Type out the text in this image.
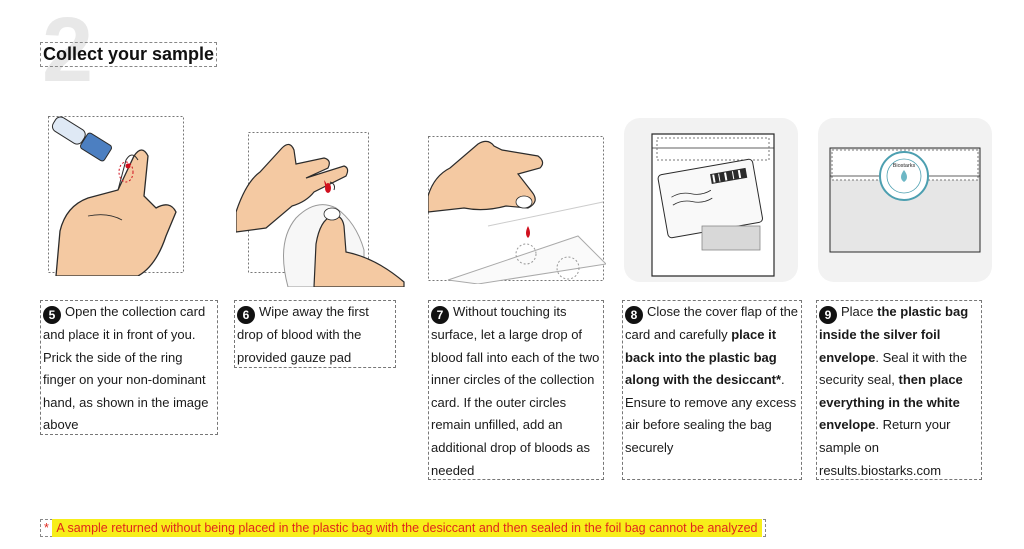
2
Collect your sample
Biostarks
5 Open the collection card and place it in front of you. Prick the side of the ring finger on your non-dominant hand, as shown in the image above
6 Wipe away the first drop of blood with the provided gauze pad
7 Without touching its surface, let a large drop of blood fall into each of the two inner circles of the collection card. If the outer circles remain unfilled, add an additional drop of bloods as needed
8 Close the cover flap of the card and carefully place it back into the plastic bag along with the desiccant*. Ensure to remove any excess air before sealing the bag securely
9 Place the plastic bag inside the silver foil envelope. Seal it with the security seal, then place everything in the white envelope. Return your sample on results.biostarks.com
* A sample returned without being placed in the plastic bag with the desiccant and then sealed in the foil bag cannot be analyzed
